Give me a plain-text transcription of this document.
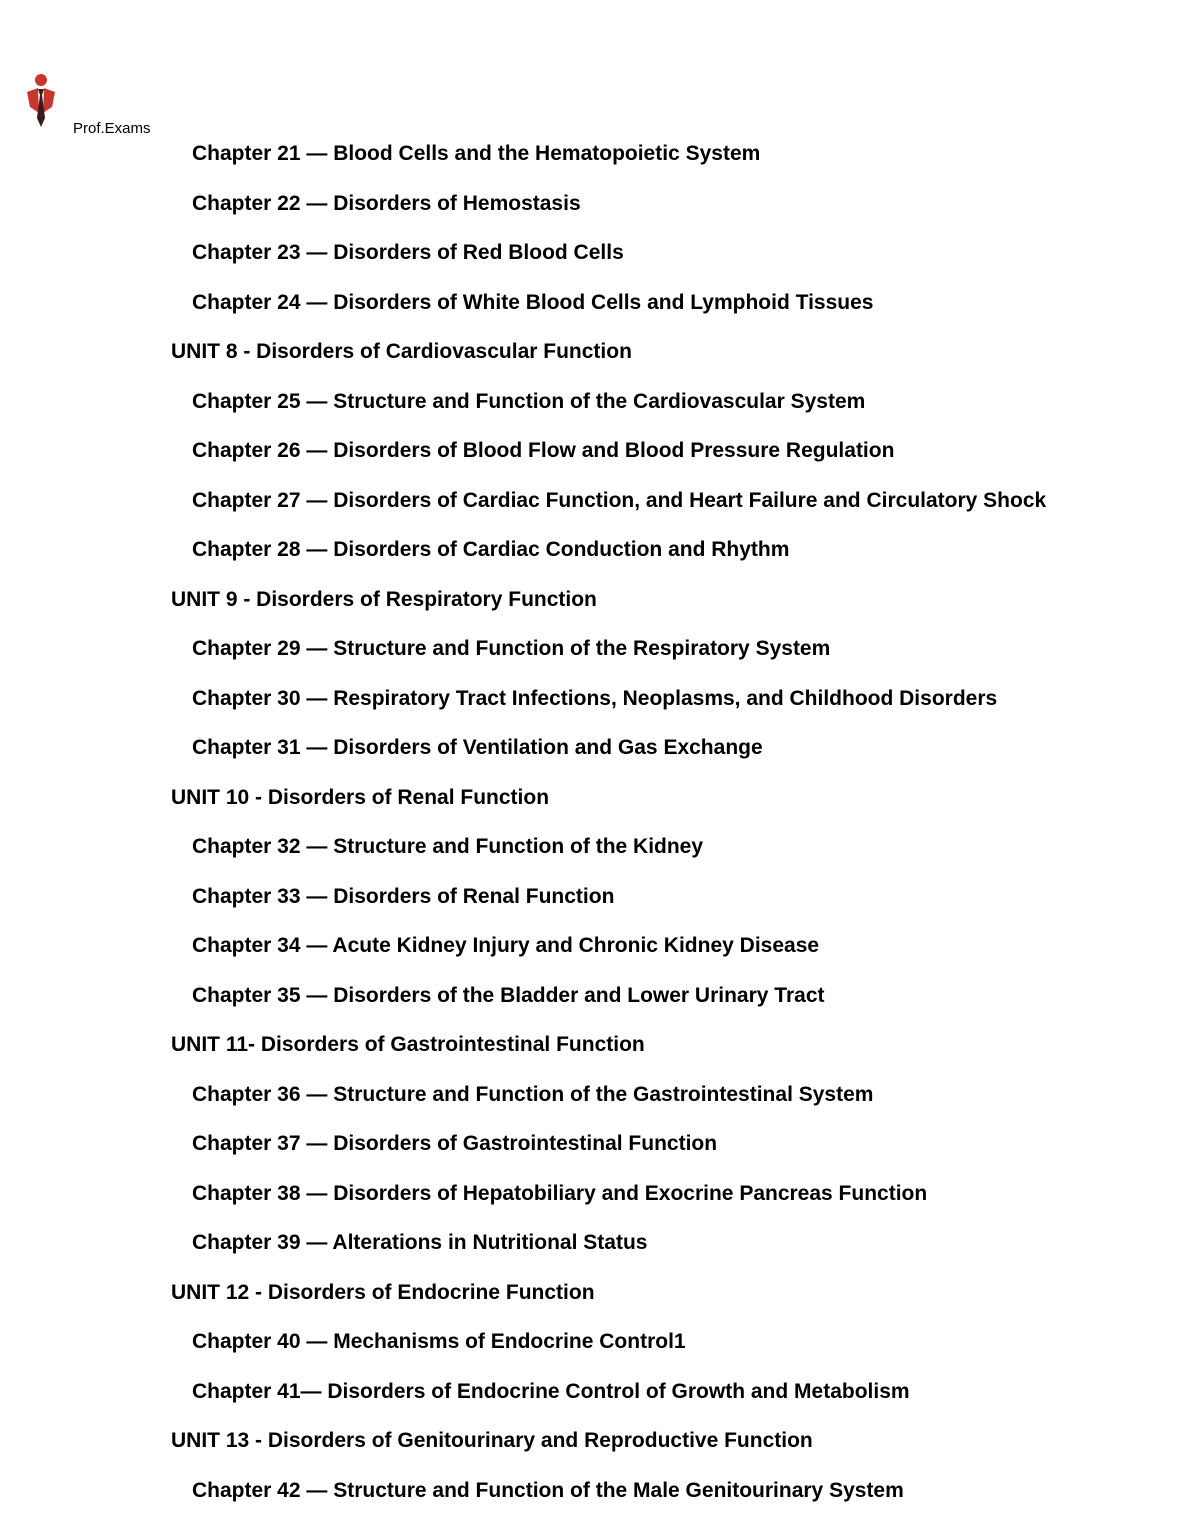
Prof.Exams
Chapter 21 — Blood Cells and the Hematopoietic System
Chapter 22 — Disorders of Hemostasis
Chapter 23 — Disorders of Red Blood Cells
Chapter 24 — Disorders of White Blood Cells and Lymphoid Tissues
UNIT 8 - Disorders of Cardiovascular Function
Chapter 25 — Structure and Function of the Cardiovascular System
Chapter 26 — Disorders of Blood Flow and Blood Pressure Regulation
Chapter 27 — Disorders of Cardiac Function, and Heart Failure and Circulatory Shock
Chapter 28 — Disorders of Cardiac Conduction and Rhythm
UNIT 9 - Disorders of Respiratory Function
Chapter 29 — Structure and Function of the Respiratory System
Chapter 30 — Respiratory Tract Infections, Neoplasms, and Childhood Disorders
Chapter 31 — Disorders of Ventilation and Gas Exchange
UNIT 10 - Disorders of Renal Function
Chapter 32 — Structure and Function of the Kidney
Chapter 33 — Disorders of Renal Function
Chapter 34 — Acute Kidney Injury and Chronic Kidney Disease
Chapter 35 — Disorders of the Bladder and Lower Urinary Tract
UNIT 11- Disorders of Gastrointestinal Function
Chapter 36 — Structure and Function of the Gastrointestinal System
Chapter 37 — Disorders of Gastrointestinal Function
Chapter 38 — Disorders of Hepatobiliary and Exocrine Pancreas Function
Chapter 39 — Alterations in Nutritional Status
UNIT 12 - Disorders of Endocrine Function
Chapter 40 — Mechanisms of Endocrine Control1
Chapter 41— Disorders of Endocrine Control of Growth and Metabolism
UNIT 13 - Disorders of Genitourinary and Reproductive Function
Chapter 42 — Structure and Function of the Male Genitourinary System
